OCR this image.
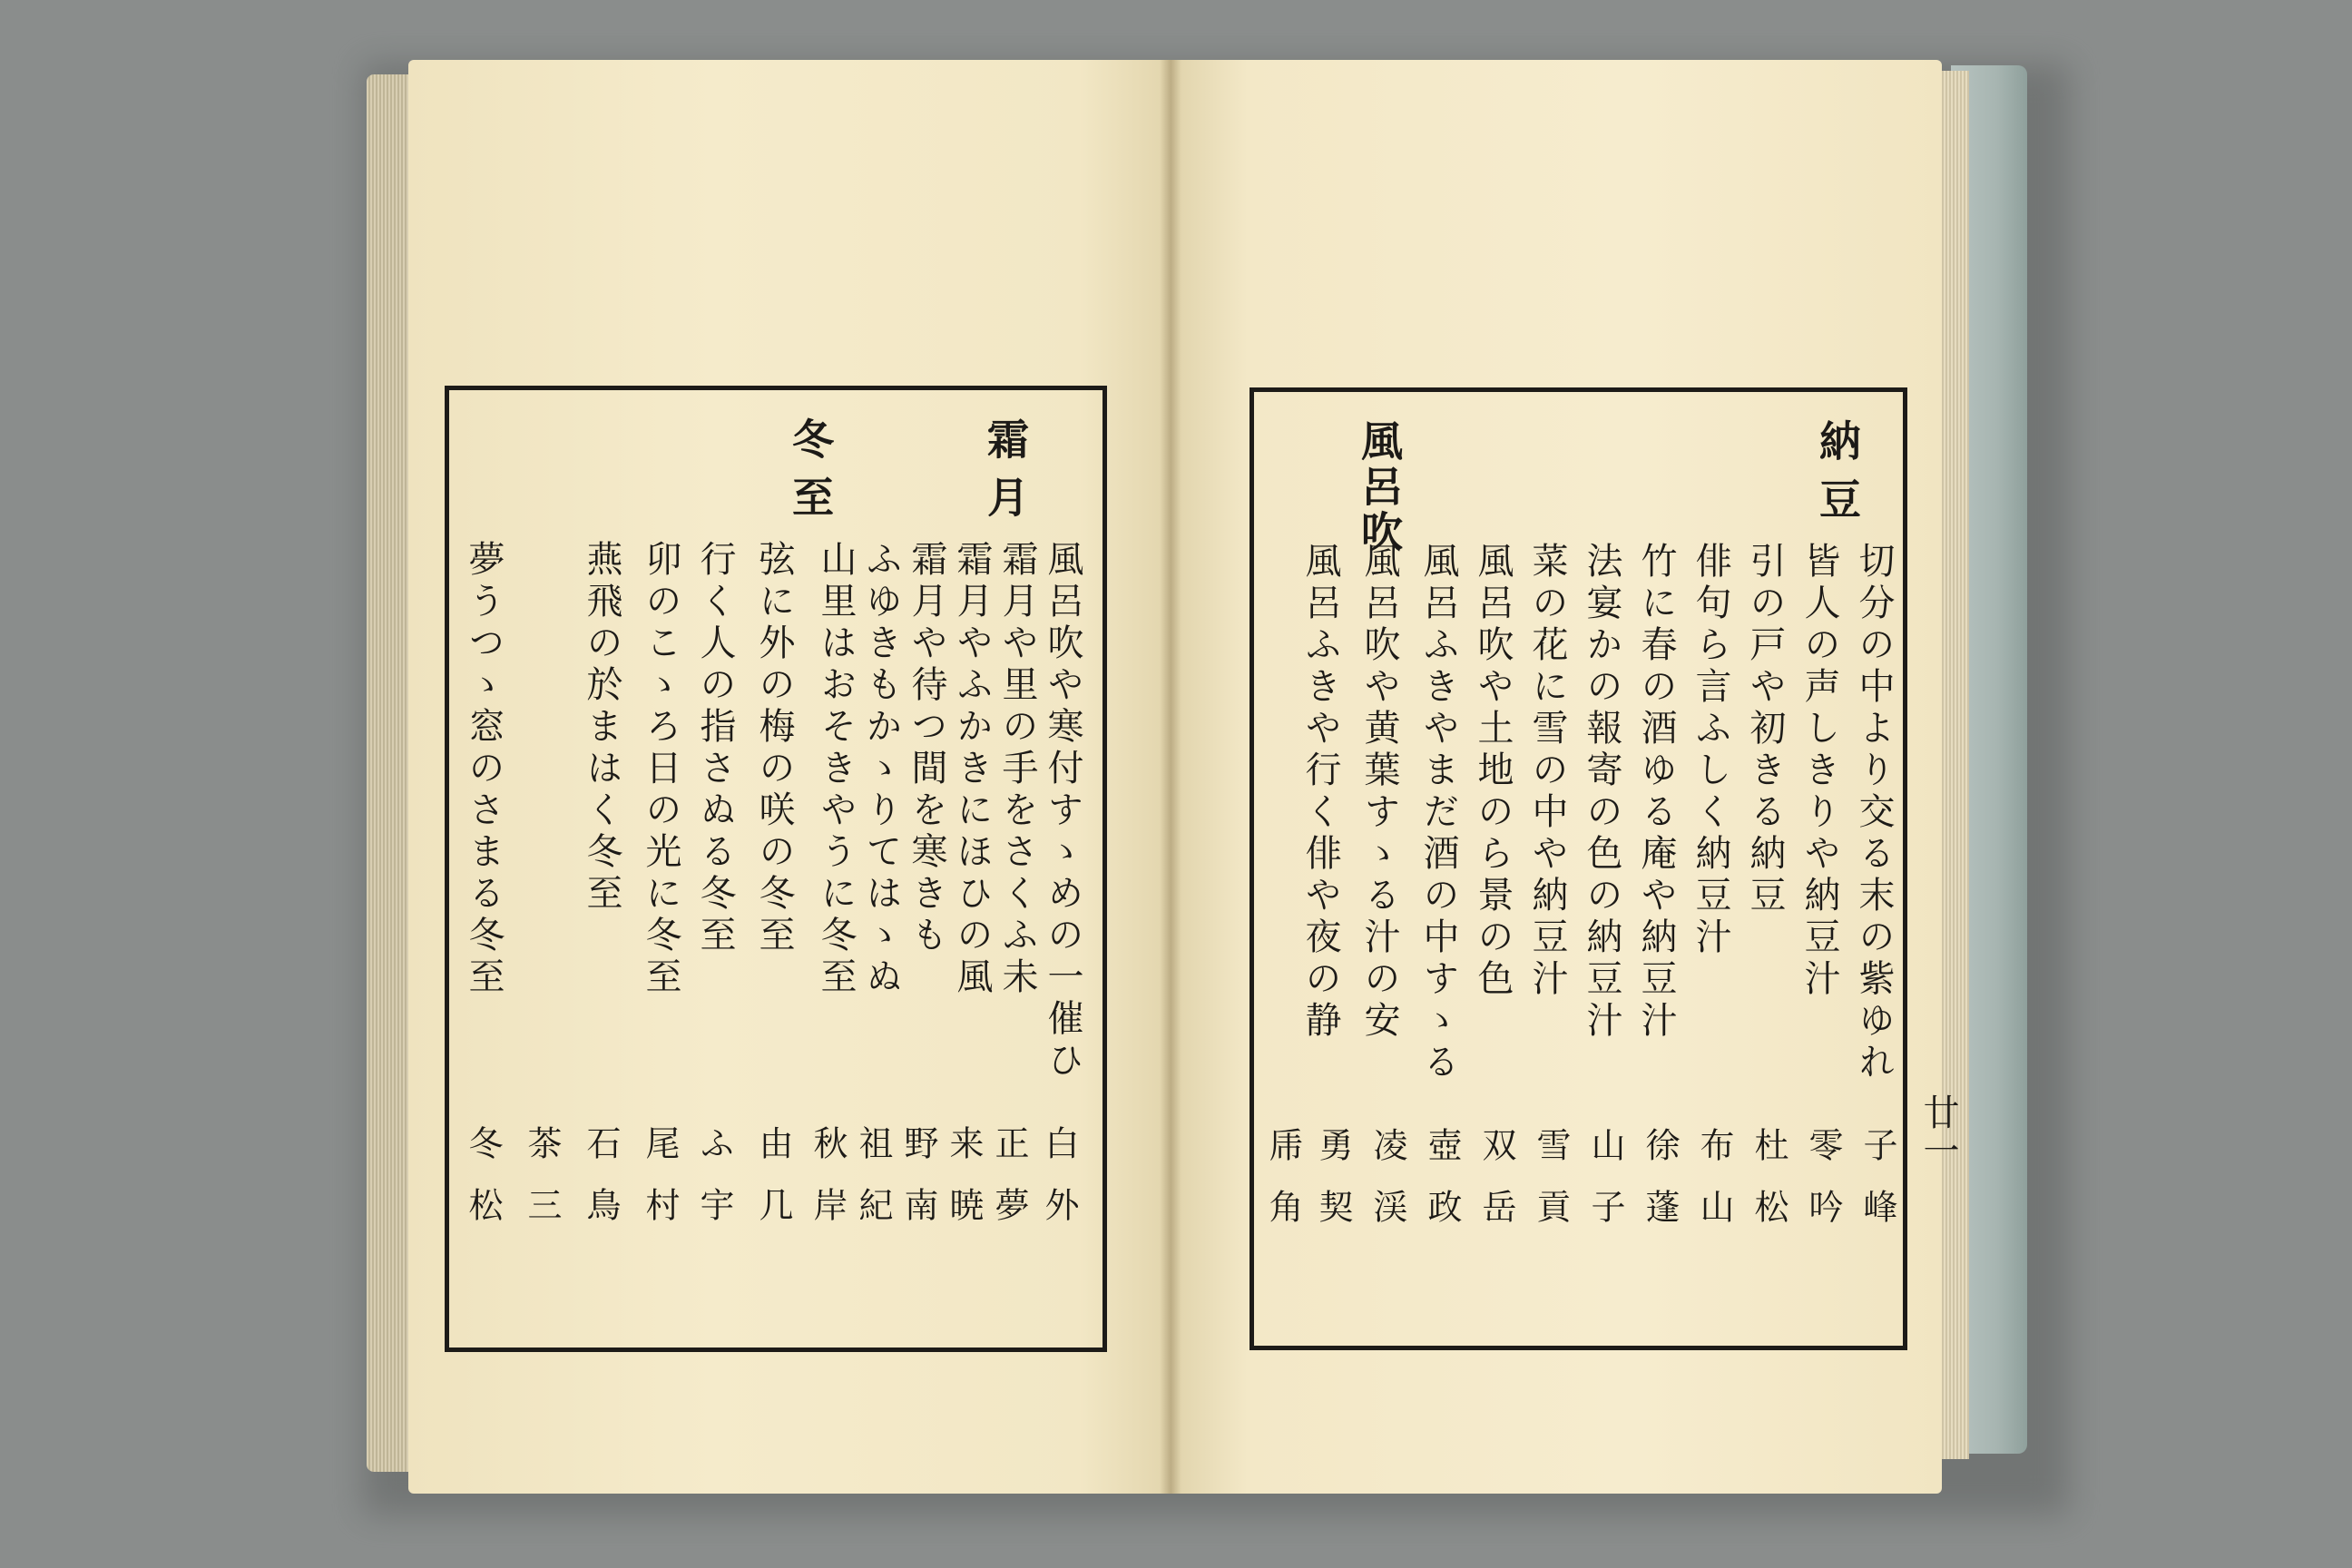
霜月
冬至
風呂吹や寒付すゝめの一催ひ
霜月や里の手をさくふ未
霜月やふかきにほひの風
霜月や待つ間を寒きも
ふゆきもかゝりてはゝぬ
山里はおそきやうに冬至
弦に外の梅の咲の冬至
行く人の指さぬる冬至
卯のこゝろ日の光に冬至
燕飛の於まはく冬至
夢うつゝ窓のさまる冬至
白外
正夢
来暁
野南
祖紀
秋岸
由几
ふ宇
尾村
石鳥
茶三
冬松
納豆
風呂吹
切分の中より交る末の紫ゆれ
皆人の声しきりや納豆汁
引の戸や初きる納豆
俳句ら言ふしく納豆汁
竹に春の酒ゆる庵や納豆汁
法宴かの報寄の色の納豆汁
菜の花に雪の中や納豆汁
風呂吹や土地のら景の色
風呂ふきやまだ酒の中すゝる
風呂吹や黄葉すゝる汁の安
風呂ふきや行く俳や夜の静
子峰
零吟
杜松
布山
徐蓬
山子
雪貢
双岳
壺政
凌渓
勇契
乕角	廿一
